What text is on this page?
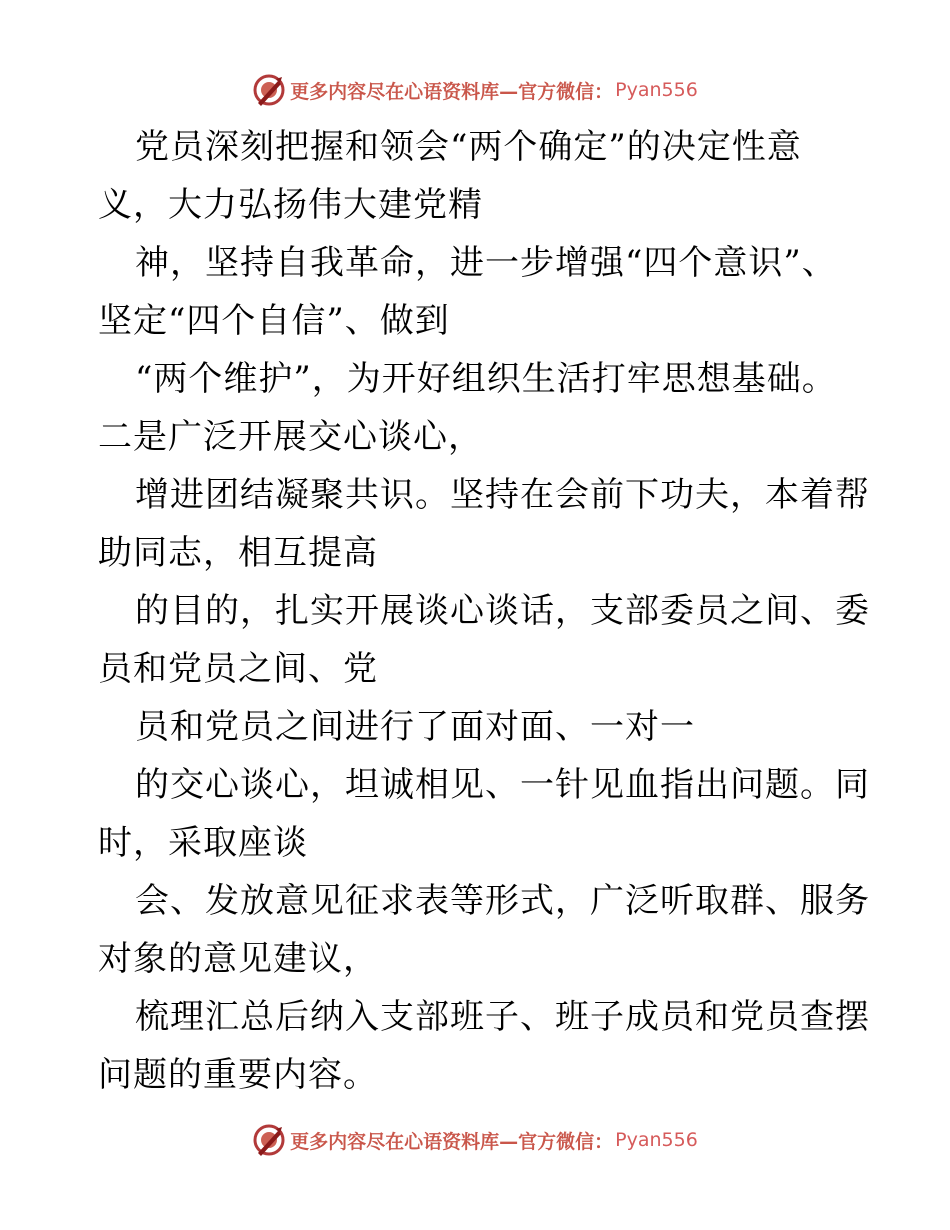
更多内容尽在心语资料库—官方微信： Pyan556
党员深刻把握和领会“两个确定”的决定性意
义，大力弘扬伟大建党精
神，坚持自我革命，进一步增强“四个意识”、
坚定“四个自信”、做到
“两个维护”，为开好组织生活打牢思想基础。
二是广泛开展交心谈心，
增进团结凝聚共识。坚持在会前下功夫，本着帮
助同志，相互提高
的目的，扎实开展谈心谈话，支部委员之间、委
员和党员之间、党
员和党员之间进行了面对面、一对一
的交心谈心，坦诚相见、一针见血指出问题。同
时，采取座谈
会、发放意见征求表等形式，广泛听取群、服务
对象的意见建议，
梳理汇总后纳入支部班子、班子成员和党员查摆
问题的重要内容。
更多内容尽在心语资料库—官方微信： Pyan556
